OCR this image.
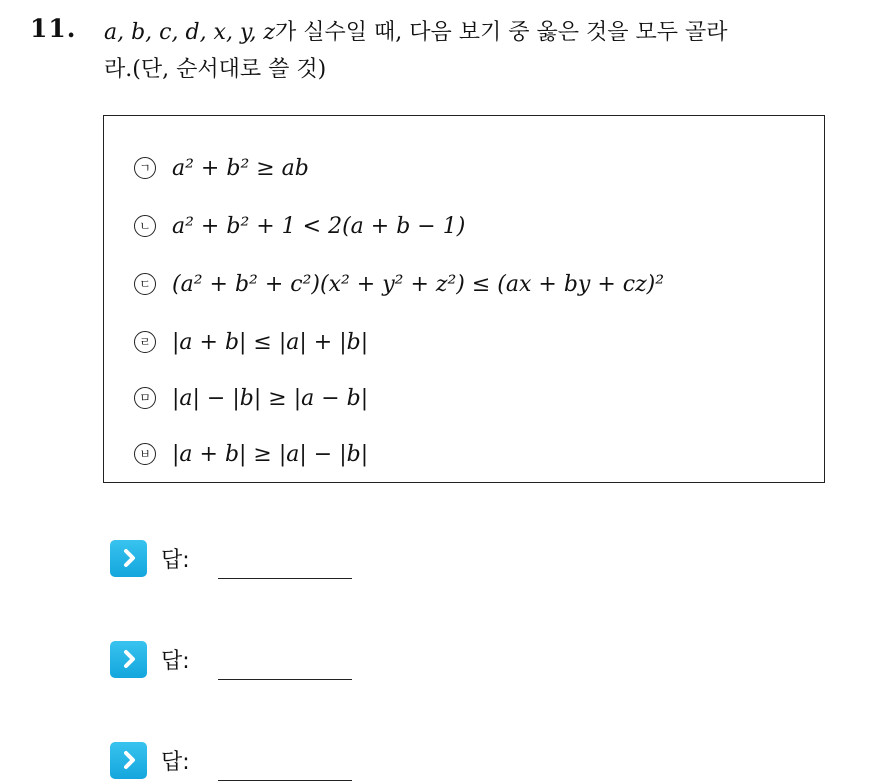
11. a, b, c, d, x, y, z가 실수일 때, 다음 보기 중 옳은 것을 모두 골라
라.(단, 순서대로 쓸 것)
ㄱ a² + b² ≥ ab
ㄴ a² + b² + 1 < 2(a + b − 1)
ㄷ (a² + b² + c²)(x² + y² + z²) ≤ (ax + by + cz)²
ㄹ |a + b| ≤ |a| + |b|
ㅁ |a| − |b| ≥ |a − b|
ㅂ |a + b| ≥ |a| − |b|
답:
답:
답:
